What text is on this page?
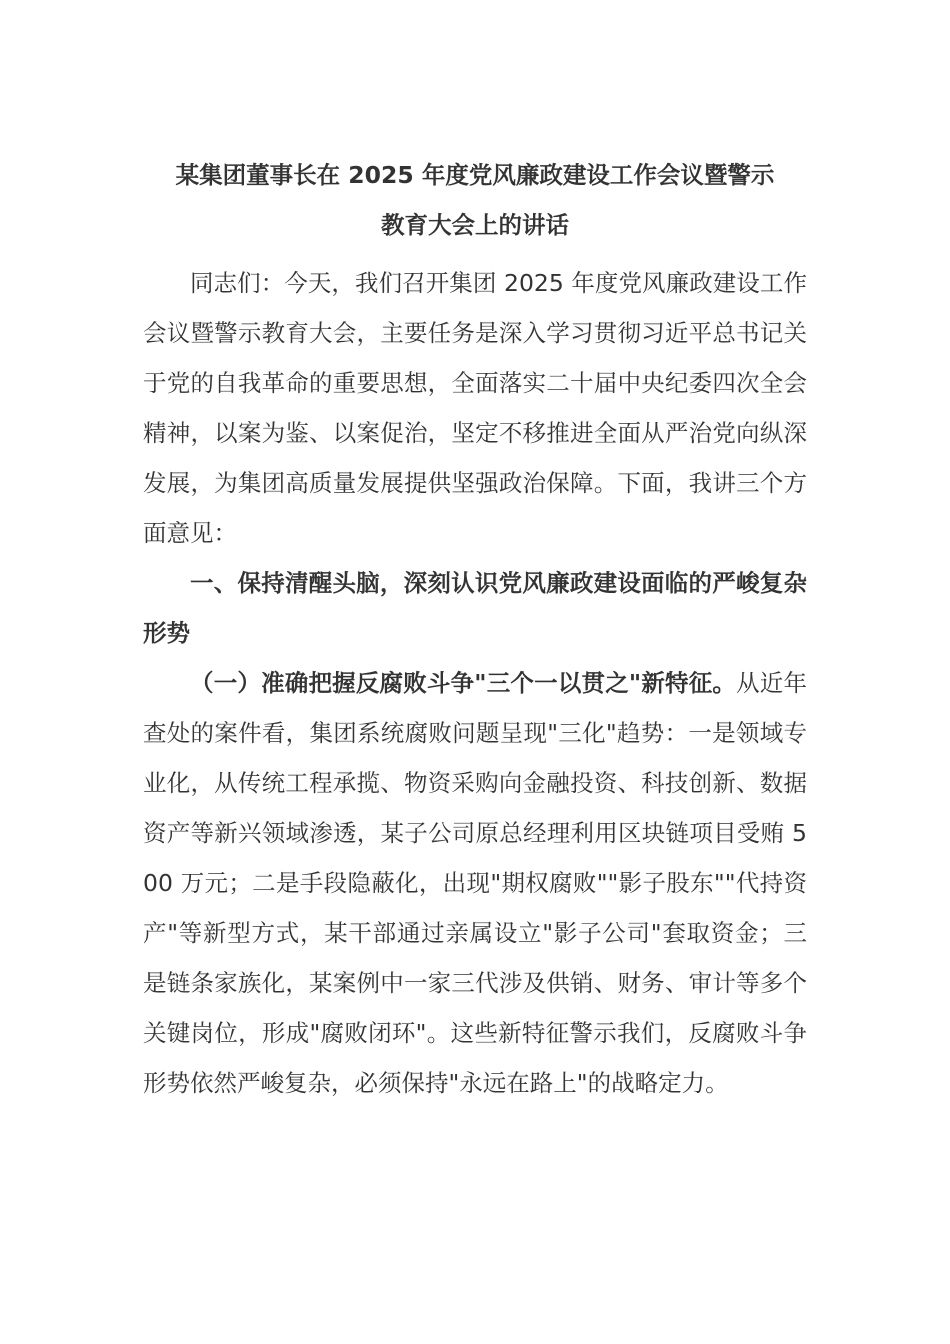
某集团董事长在 2025 年度党风廉政建设工作会议暨警示
教育大会上的讲话

同志们：今天，我们召开集团 2025 年度党风廉政建设工作会议暨警示教育大会，主要任务是深入学习贯彻习近平总书记关于党的自我革命的重要思想，全面落实二十届中央纪委四次全会精神，以案为鉴、以案促治，坚定不移推进全面从严治党向纵深发展，为集团高质量发展提供坚强政治保障。下面，我讲三个方面意见：

一、保持清醒头脑，深刻认识党风廉政建设面临的严峻复杂形势

（一）准确把握反腐败斗争"三个一以贯之"新特征。从近年查处的案件看，集团系统腐败问题呈现"三化"趋势：一是领域专业化，从传统工程承揽、物资采购向金融投资、科技创新、数据资产等新兴领域渗透，某子公司原总经理利用区块链项目受贿 500 万元；二是手段隐蔽化，出现"期权腐败""影子股东""代持资产"等新型方式，某干部通过亲属设立"影子公司"套取资金；三是链条家族化，某案例中一家三代涉及供销、财务、审计等多个关键岗位，形成"腐败闭环"。这些新特征警示我们，反腐败斗争形势依然严峻复杂，必须保持"永远在路上"的战略定力。
